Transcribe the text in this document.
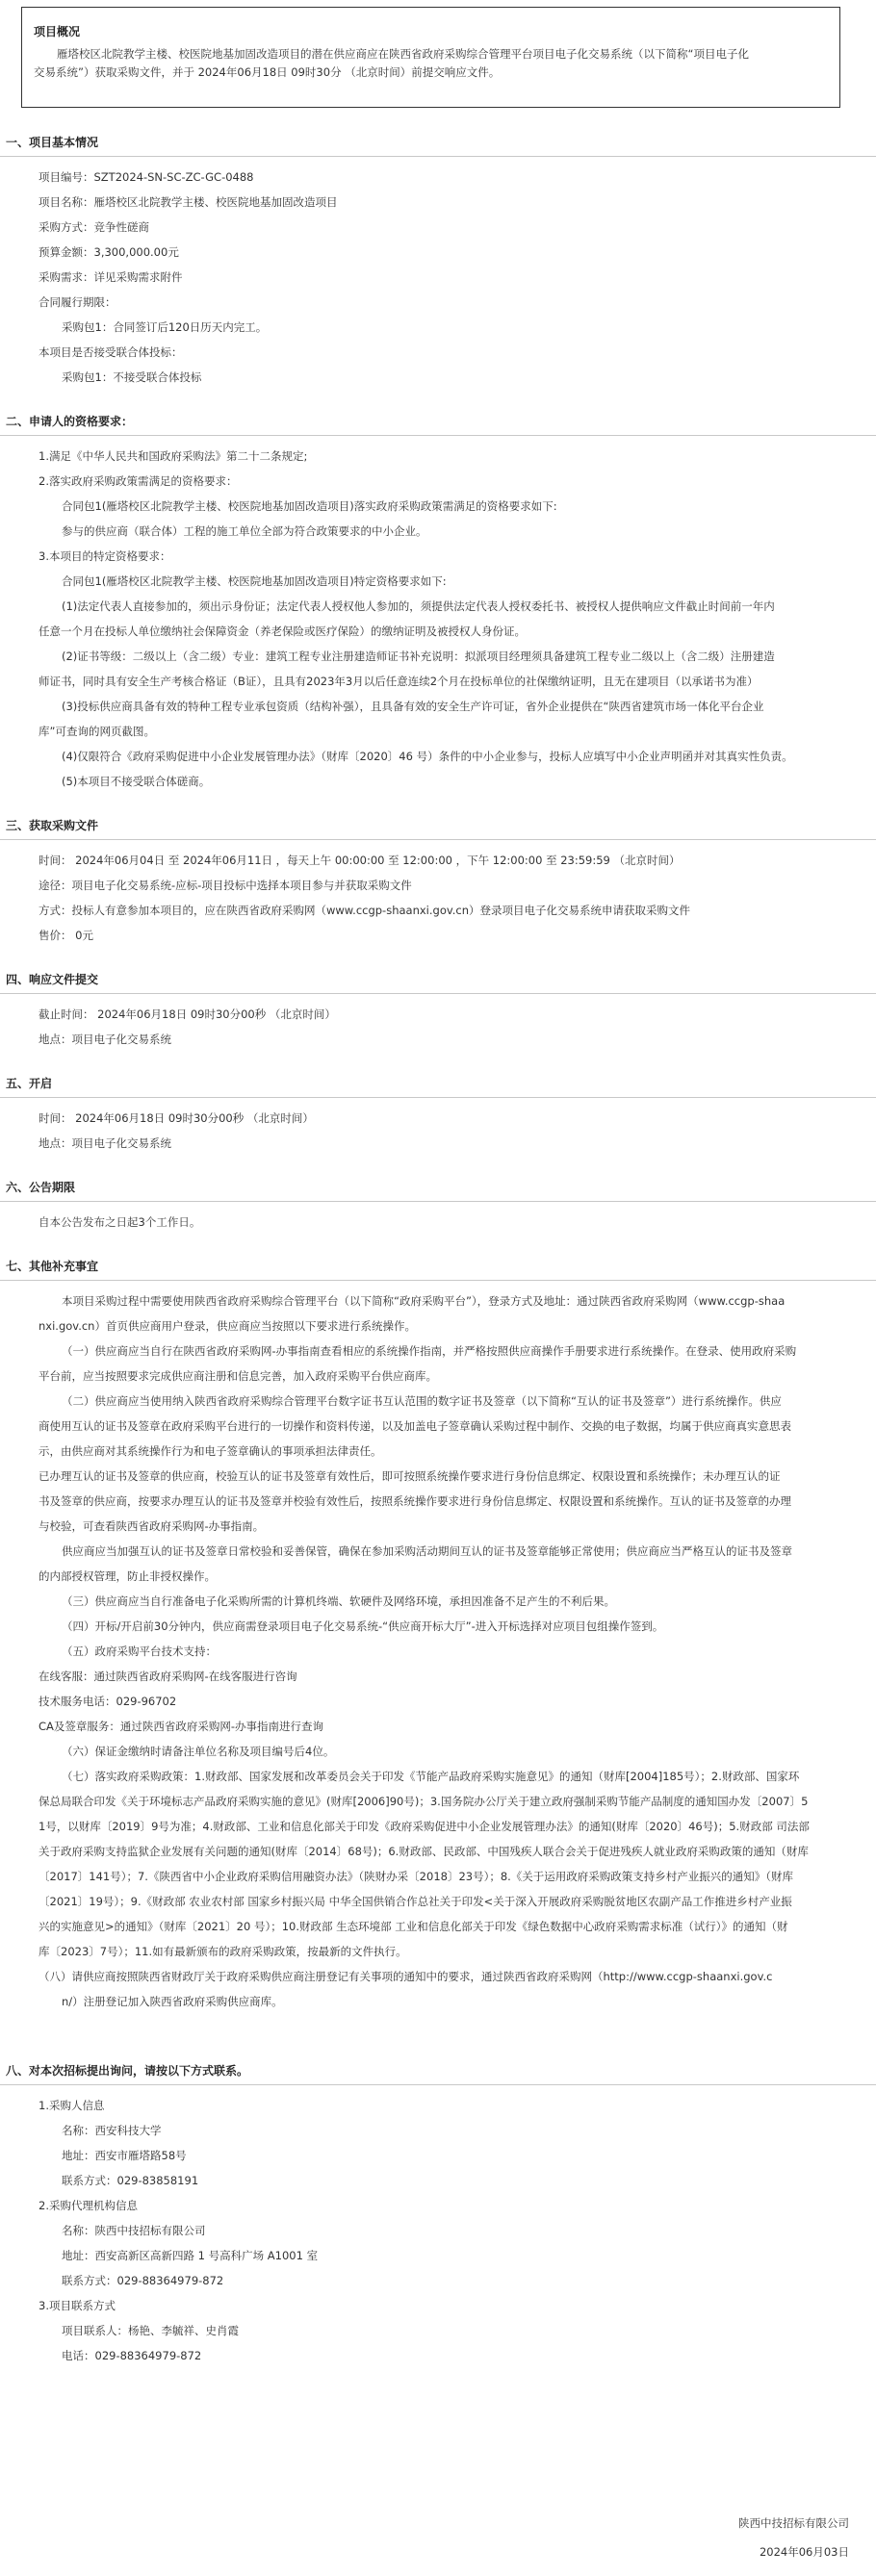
项目概况
雁塔校区北院教学主楼、校医院地基加固改造项目的潜在供应商应在陕西省政府采购综合管理平台项目电子化交易系统（以下简称“项目电子化
交易系统”）获取采购文件，并于 2024年06月18日 09时30分 （北京时间）前提交响应文件。
一、项目基本情况
项目编号：SZT2024-SN-SC-ZC-GC-0488
项目名称：雁塔校区北院教学主楼、校医院地基加固改造项目
采购方式：竞争性磋商
预算金额：3,300,000.00元
采购需求：详见采购需求附件
合同履行期限：
采购包1：合同签订后120日历天内完工。
本项目是否接受联合体投标：
采购包1：不接受联合体投标
二、申请人的资格要求：
1.满足《中华人民共和国政府采购法》第二十二条规定;
2.落实政府采购政策需满足的资格要求：
合同包1(雁塔校区北院教学主楼、校医院地基加固改造项目)落实政府采购政策需满足的资格要求如下:
参与的供应商（联合体）工程的施工单位全部为符合政策要求的中小企业。
3.本项目的特定资格要求：
合同包1(雁塔校区北院教学主楼、校医院地基加固改造项目)特定资格要求如下:
(1)法定代表人直接参加的，须出示身份证；法定代表人授权他人参加的，须提供法定代表人授权委托书、被授权人提供响应文件截止时间前一年内
任意一个月在投标人单位缴纳社会保障资金（养老保险或医疗保险）的缴纳证明及被授权人身份证。
(2)证书等级：二级以上（含二级）专业：建筑工程专业注册建造师证书补充说明：拟派项目经理须具备建筑工程专业二级以上（含二级）注册建造
师证书，同时具有安全生产考核合格证（B证），且具有2023年3月以后任意连续2个月在投标单位的社保缴纳证明，且无在建项目（以承诺书为准）
(3)投标供应商具备有效的特种工程专业承包资质（结构补强），且具备有效的安全生产许可证，省外企业提供在“陕西省建筑市场一体化平台企业
库”可查询的网页截图。
(4)仅限符合《政府采购促进中小企业发展管理办法》（财库〔2020〕46 号）条件的中小企业参与，投标人应填写中小企业声明函并对其真实性负责。
(5)本项目不接受联合体磋商。
三、获取采购文件
时间： 2024年06月04日 至 2024年06月11日 ，每天上午 00:00:00 至 12:00:00 ，下午 12:00:00 至 23:59:59 （北京时间）
途径：项目电子化交易系统-应标-项目投标中选择本项目参与并获取采购文件
方式：投标人有意参加本项目的，应在陕西省政府采购网（www.ccgp-shaanxi.gov.cn）登录项目电子化交易系统申请获取采购文件
售价： 0元
四、响应文件提交
截止时间： 2024年06月18日 09时30分00秒 （北京时间）
地点：项目电子化交易系统
五、开启
时间： 2024年06月18日 09时30分00秒 （北京时间）
地点：项目电子化交易系统
六、公告期限
自本公告发布之日起3个工作日。
七、其他补充事宜
本项目采购过程中需要使用陕西省政府采购综合管理平台（以下简称“政府采购平台”），登录方式及地址：通过陕西省政府采购网（www.ccgp-shaa
nxi.gov.cn）首页供应商用户登录，供应商应当按照以下要求进行系统操作。
（一）供应商应当自行在陕西省政府采购网-办事指南查看相应的系统操作指南，并严格按照供应商操作手册要求进行系统操作。在登录、使用政府采购
平台前，应当按照要求完成供应商注册和信息完善，加入政府采购平台供应商库。
（二）供应商应当使用纳入陕西省政府采购综合管理平台数字证书互认范围的数字证书及签章（以下简称“互认的证书及签章”）进行系统操作。供应
商使用互认的证书及签章在政府采购平台进行的一切操作和资料传递，以及加盖电子签章确认采购过程中制作、交换的电子数据，均属于供应商真实意思表
示，由供应商对其系统操作行为和电子签章确认的事项承担法律责任。
已办理互认的证书及签章的供应商，校验互认的证书及签章有效性后，即可按照系统操作要求进行身份信息绑定、权限设置和系统操作；未办理互认的证
书及签章的供应商，按要求办理互认的证书及签章并校验有效性后，按照系统操作要求进行身份信息绑定、权限设置和系统操作。互认的证书及签章的办理
与校验，可查看陕西省政府采购网-办事指南。
供应商应当加强互认的证书及签章日常校验和妥善保管，确保在参加采购活动期间互认的证书及签章能够正常使用；供应商应当严格互认的证书及签章
的内部授权管理，防止非授权操作。
（三）供应商应当自行准备电子化采购所需的计算机终端、软硬件及网络环境，承担因准备不足产生的不利后果。
（四）开标/开启前30分钟内，供应商需登录项目电子化交易系统-“供应商开标大厅”-进入开标选择对应项目包组操作签到。
（五）政府采购平台技术支持：
在线客服：通过陕西省政府采购网-在线客服进行咨询
技术服务电话：029-96702
CA及签章服务：通过陕西省政府采购网-办事指南进行查询
（六）保证金缴纳时请备注单位名称及项目编号后4位。
（七）落实政府采购政策：1.财政部、国家发展和改革委员会关于印发《节能产品政府采购实施意见》的通知（财库[2004]185号）；2.财政部、国家环
保总局联合印发《关于环境标志产品政府采购实施的意见》(财库[2006]90号)；3.国务院办公厅关于建立政府强制采购节能产品制度的通知国办发〔2007〕5
1号，以财库〔2019〕9号为准；4.财政部、工业和信息化部关于印发《政府采购促进中小企业发展管理办法》的通知(财库〔2020〕46号)；5.财政部 司法部
关于政府采购支持监狱企业发展有关问题的通知(财库〔2014〕68号)；6.财政部、民政部、中国残疾人联合会关于促进残疾人就业政府采购政策的通知（财库
〔2017〕141号）；7.《陕西省中小企业政府采购信用融资办法》（陕财办采〔2018〕23号）；8.《关于运用政府采购政策支持乡村产业振兴的通知》（财库
〔2021〕19号）；9.《财政部 农业农村部 国家乡村振兴局 中华全国供销合作总社关于印发<关于深入开展政府采购脱贫地区农副产品工作推进乡村产业振
兴的实施意见>的通知》（财库〔2021〕20 号）；10.财政部 生态环境部 工业和信息化部关于印发《绿色数据中心政府采购需求标准（试行）》的通知（财
库〔2023〕7号）；11.如有最新颁布的政府采购政策，按最新的文件执行。
（八）请供应商按照陕西省财政厅关于政府采购供应商注册登记有关事项的通知中的要求，通过陕西省政府采购网（http://www.ccgp-shaanxi.gov.c
n/）注册登记加入陕西省政府采购供应商库。
八、对本次招标提出询问，请按以下方式联系。
1.采购人信息
名称：西安科技大学
地址：西安市雁塔路58号
联系方式：029-83858191
2.采购代理机构信息
名称：陕西中技招标有限公司
地址：西安高新区高新四路 1 号高科广场 A1001 室
联系方式：029-88364979-872
3.项目联系方式
项目联系人：杨艳、李毓祥、史肖霞
电话：029-88364979-872
陕西中技招标有限公司
2024年06月03日
